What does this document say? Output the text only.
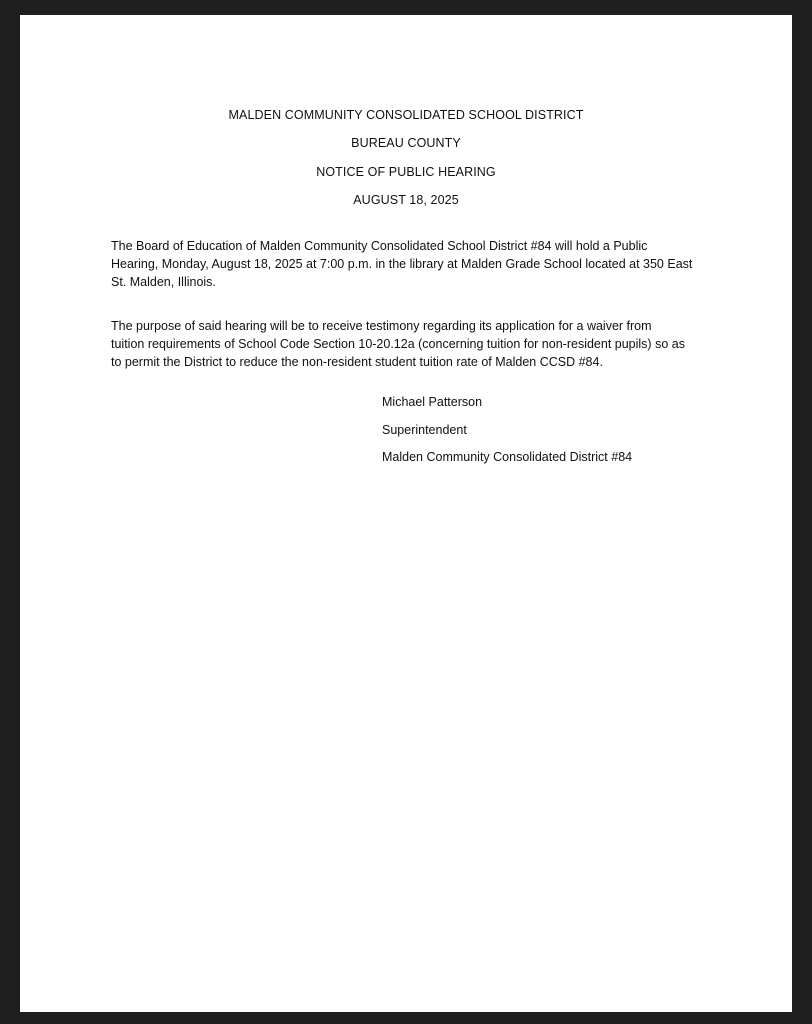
MALDEN COMMUNITY CONSOLIDATED SCHOOL DISTRICT
BUREAU COUNTY
NOTICE OF PUBLIC HEARING
AUGUST 18, 2025
The Board of Education of Malden Community Consolidated School District #84 will hold a Public
Hearing, Monday, August 18, 2025 at 7:00 p.m. in the library at Malden Grade School located at 350 East
St. Malden, Illinois.
The purpose of said hearing will be to receive testimony regarding its application for a waiver from
tuition requirements of School Code Section 10-20.12a (concerning tuition for non-resident pupils) so as
to permit the District to reduce the non-resident student tuition rate of Malden CCSD #84.
Michael Patterson
Superintendent
Malden Community Consolidated District #84
